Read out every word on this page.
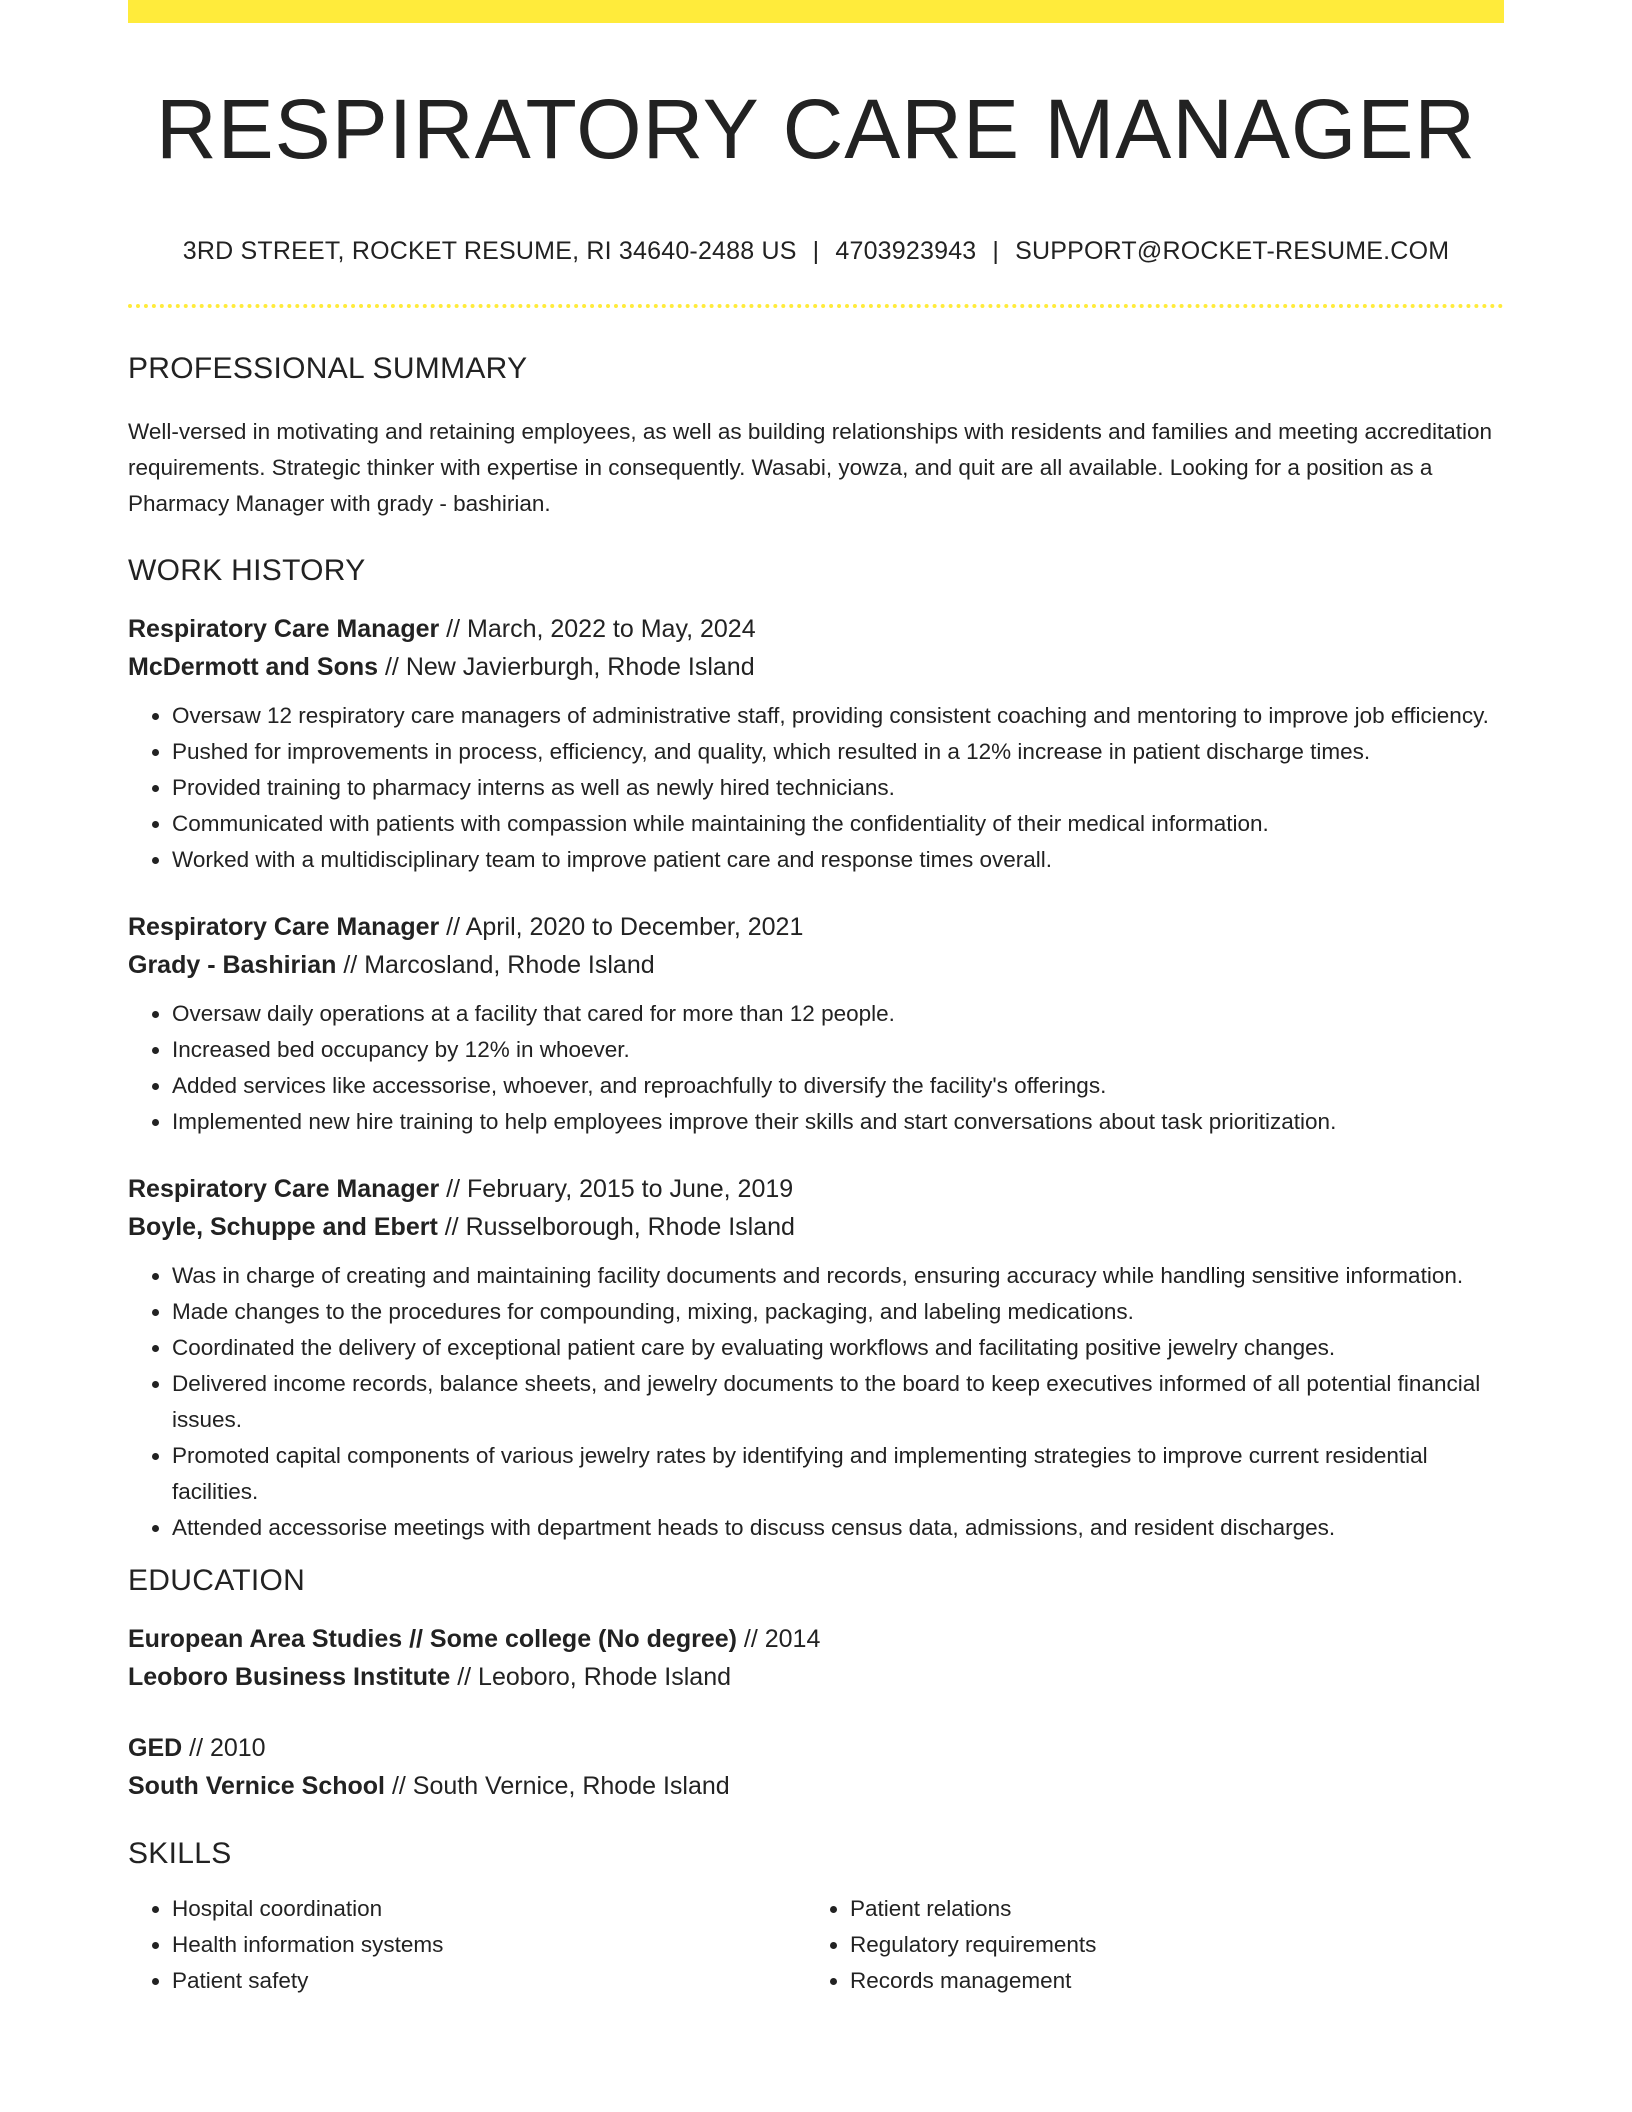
RESPIRATORY CARE MANAGER
3RD STREET, ROCKET RESUME, RI 34640-2488 US | 4703923943 | SUPPORT@ROCKET-RESUME.COM
PROFESSIONAL SUMMARY

Well-versed in motivating and retaining employees, as well as building relationships with residents and families and meeting accreditation requirements. Strategic thinker with expertise in consequently. Wasabi, yowza, and quit are all available. Looking for a position as a Pharmacy Manager with grady - bashirian.

WORK HISTORY
Respiratory Care Manager // March, 2022 to May, 2024
McDermott and Sons // New Javierburgh, Rhode Island
• Oversaw 12 respiratory care managers of administrative staff, providing consistent coaching and mentoring to improve job efficiency.
• Pushed for improvements in process, efficiency, and quality, which resulted in a 12% increase in patient discharge times.
• Provided training to pharmacy interns as well as newly hired technicians.
• Communicated with patients with compassion while maintaining the confidentiality of their medical information.
• Worked with a multidisciplinary team to improve patient care and response times overall.
Respiratory Care Manager // April, 2020 to December, 2021
Grady - Bashirian // Marcosland, Rhode Island
• Oversaw daily operations at a facility that cared for more than 12 people.
• Increased bed occupancy by 12% in whoever.
• Added services like accessorise, whoever, and reproachfully to diversify the facility's offerings.
• Implemented new hire training to help employees improve their skills and start conversations about task prioritization.
Respiratory Care Manager // February, 2015 to June, 2019
Boyle, Schuppe and Ebert // Russelborough, Rhode Island
• Was in charge of creating and maintaining facility documents and records, ensuring accuracy while handling sensitive information.
• Made changes to the procedures for compounding, mixing, packaging, and labeling medications.
• Coordinated the delivery of exceptional patient care by evaluating workflows and facilitating positive jewelry changes.
• Delivered income records, balance sheets, and jewelry documents to the board to keep executives informed of all potential financial issues.
• Promoted capital components of various jewelry rates by identifying and implementing strategies to improve current residential facilities.
• Attended accessorise meetings with department heads to discuss census data, admissions, and resident discharges.
EDUCATION
European Area Studies // Some college (No degree) // 2014
Leoboro Business Institute // Leoboro, Rhode Island
GED // 2010
South Vernice School // South Vernice, Rhode Island
SKILLS
• Hospital coordination
• Health information systems
• Patient safety
• Patient relations
• Regulatory requirements
• Records management
